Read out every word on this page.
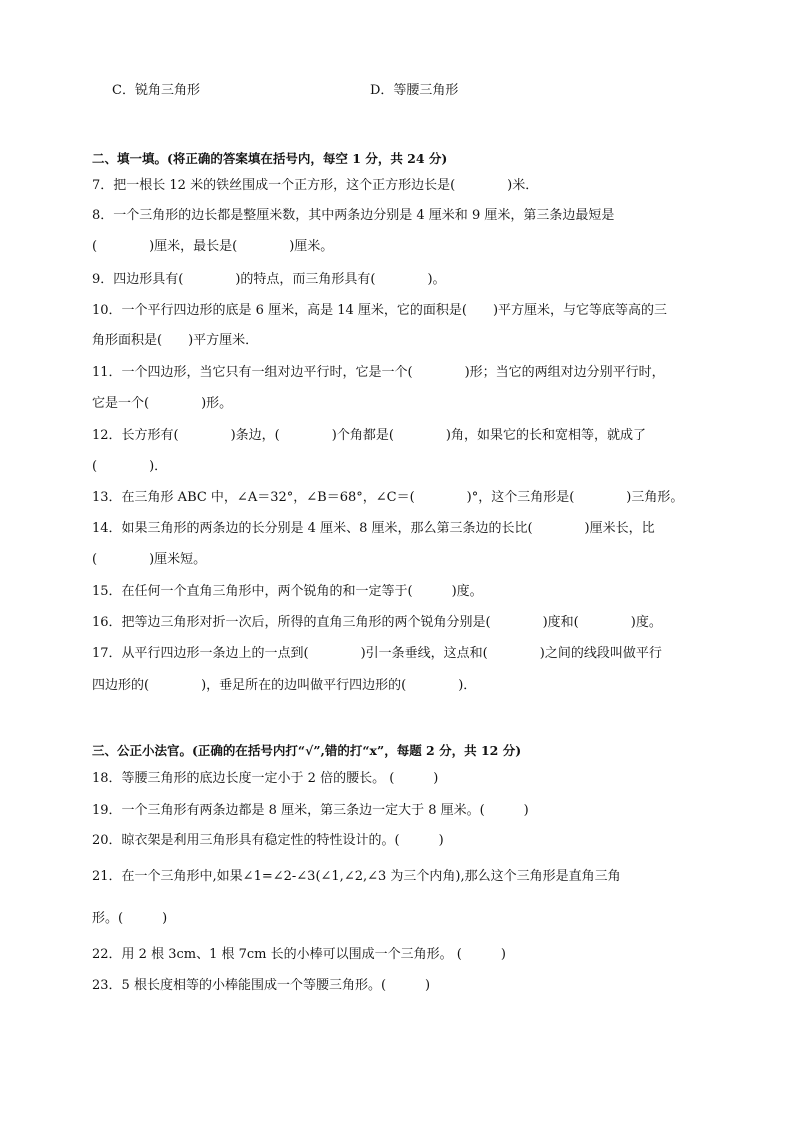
C．锐角三角形	D．等腰三角形
二、填一填。(将正确的答案填在括号内，每空 1 分，共 24 分)
7．把一根长 12 米的铁丝围成一个正方形，这个正方形边长是(　　　　)米．
8．一个三角形的边长都是整厘米数，其中两条边分别是 4 厘米和 9 厘米，第三条边最短是
(　　　　)厘米，最长是(　　　　)厘米。
9．四边形具有(　　　　)的特点，而三角形具有(　　　　)。
10．一个平行四边形的底是 6 厘米，高是 14 厘米，它的面积是(　　)平方厘米，与它等底等高的三
角形面积是(　　)平方厘米．
11．一个四边形，当它只有一组对边平行时，它是一个(　　　　)形；当它的两组对边分别平行时，
它是一个(　　　　)形。
12．长方形有(　　　　)条边，(　　　　)个角都是(　　　　)角，如果它的长和宽相等，就成了
(　　　　)．
13．在三角形 ABC 中，∠A＝32°，∠B＝68°，∠C＝(　　　　)°，这个三角形是(　　　　)三角形。
14．如果三角形的两条边的长分别是 4 厘米、8 厘米，那么第三条边的长比(　　　　)厘米长，比
(　　　　)厘米短。
15．在任何一个直角三角形中，两个锐角的和一定等于(　　　)度。
16．把等边三角形对折一次后，所得的直角三角形的两个锐角分别是(　　　　)度和(　　　　)度。
17．从平行四边形一条边上的一点到(　　　　)引一条垂线，这点和(　　　　)之间的线段叫做平行
四边形的(　　　　)，垂足所在的边叫做平行四边形的(　　　　)．
三、公正小法官。(正确的在括号内打“√”,错的打“x”，每题 2 分，共 12 分)
18．等腰三角形的底边长度一定小于 2 倍的腰长。 (　　　)
19．一个三角形有两条边都是 8 厘米，第三条边一定大于 8 厘米。(　　　)
20．晾衣架是利用三角形具有稳定性的特性设计的。(　　　)
21．在一个三角形中,如果∠1=∠2-∠3(∠1,∠2,∠3 为三个内角),那么这个三角形是直角三角
形。(　　　)
22．用 2 根 3cm、1 根 7cm 长的小棒可以围成一个三角形。 (　　　)
23．5 根长度相等的小棒能围成一个等腰三角形。(　　　)
